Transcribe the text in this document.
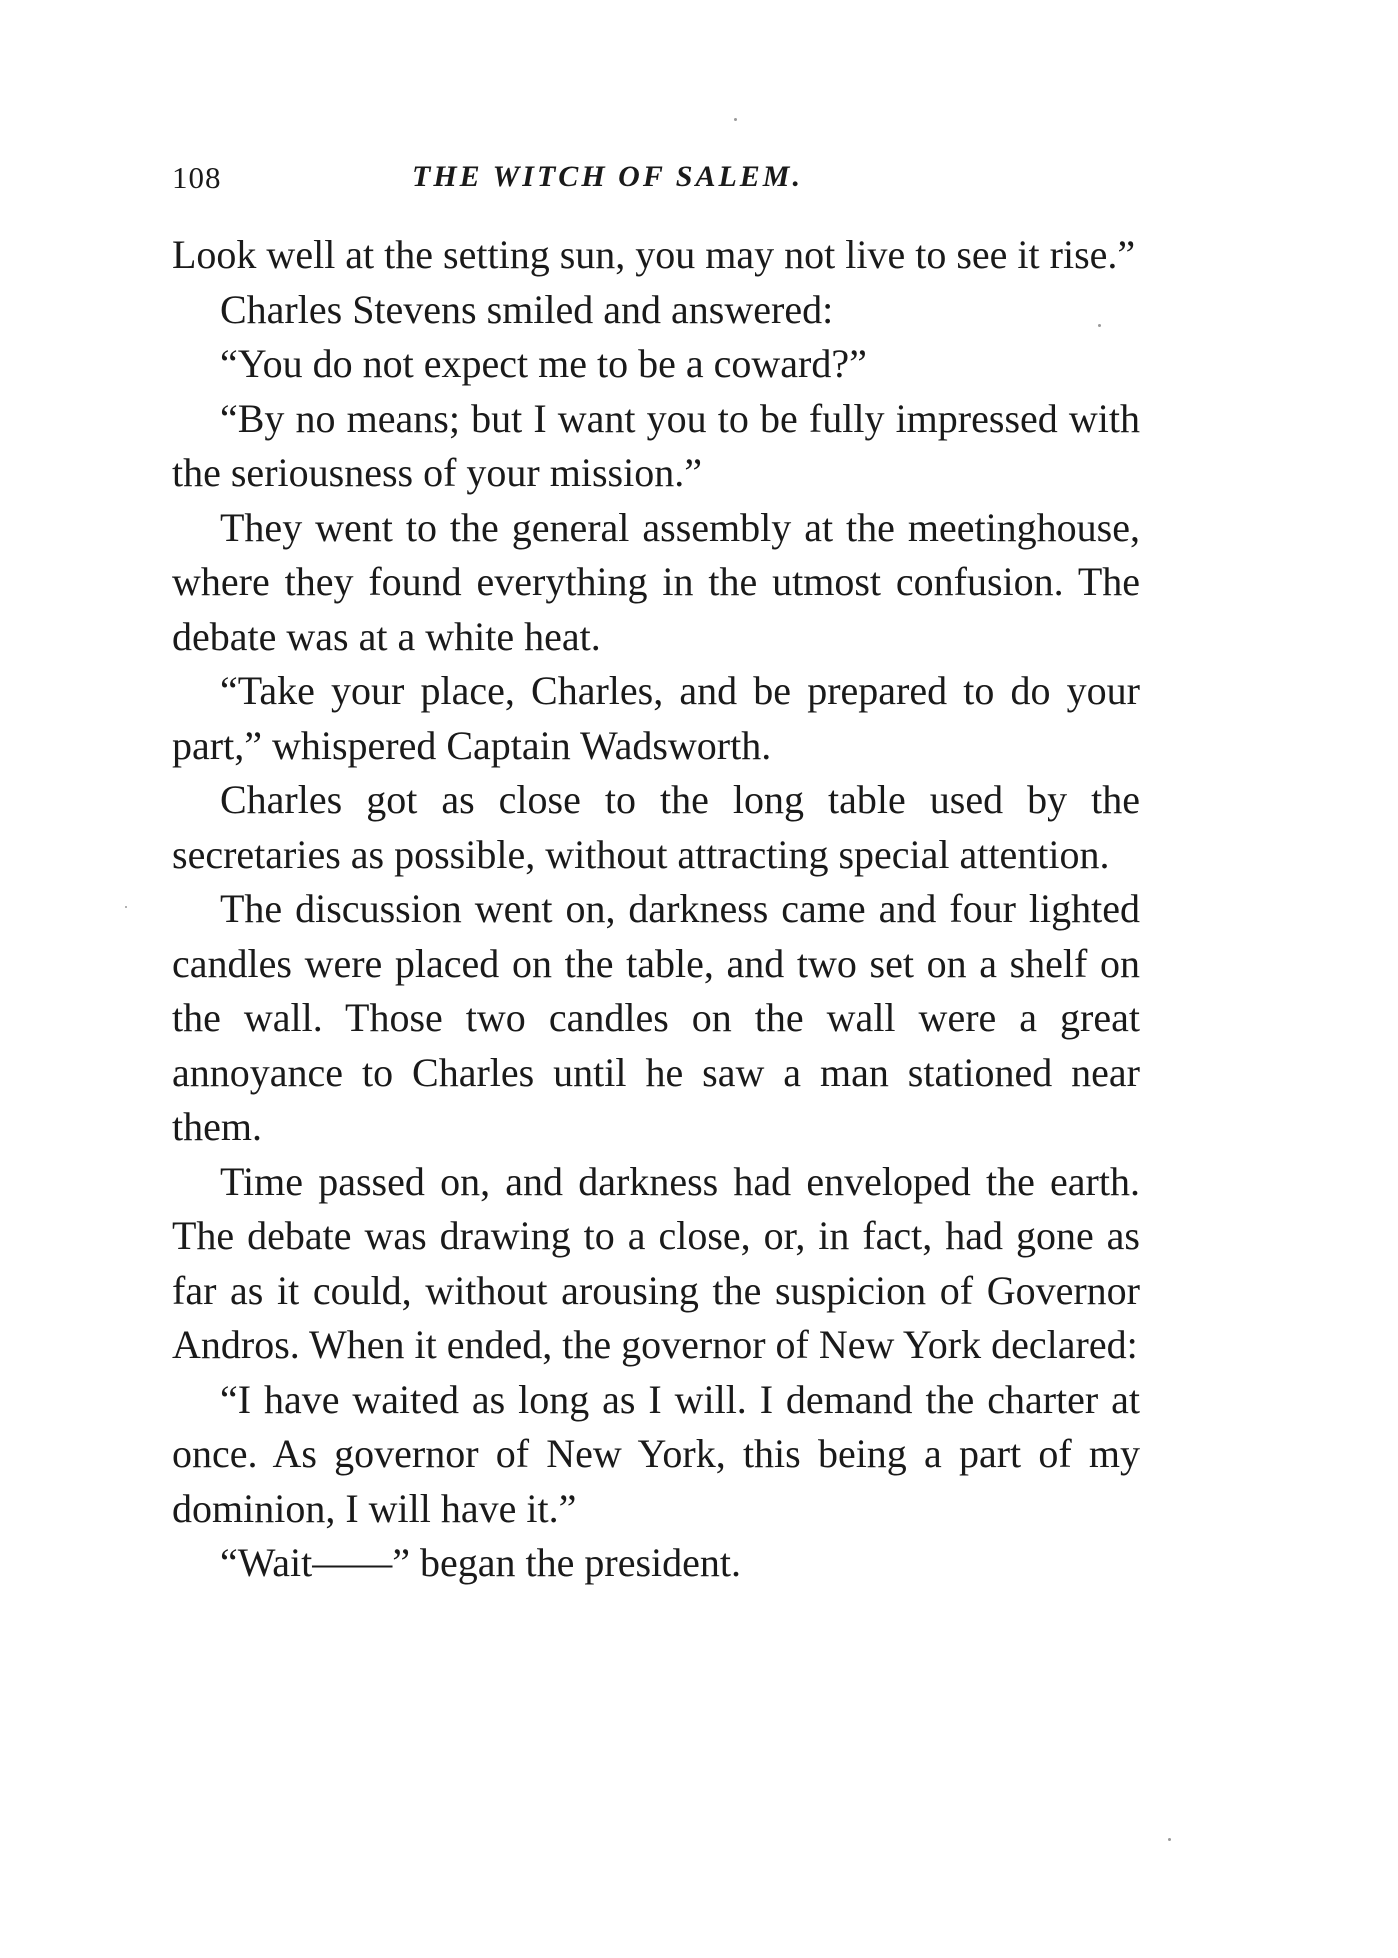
108	THE WITCH OF SALEM.

Look well at the setting sun, you may not live to see it rise.”

Charles Stevens smiled and answered:

“You do not expect me to be a coward?”

“By no means; but I want you to be fully impressed with the seriousness of your mission.”

They went to the general assembly at the meetinghouse, where they found everything in the utmost confusion. The debate was at a white heat.

“Take your place, Charles, and be prepared to do your part,” whispered Captain Wadsworth.

Charles got as close to the long table used by the secretaries as possible, without attracting special attention.

The discussion went on, darkness came and four lighted candles were placed on the table, and two set on a shelf on the wall. Those two candles on the wall were a great annoyance to Charles until he saw a man stationed near them.

Time passed on, and darkness had enveloped the earth. The debate was drawing to a close, or, in fact, had gone as far as it could, without arousing the suspicion of Governor Andros. When it ended, the governor of New York declared:

“I have waited as long as I will. I demand the charter at once. As governor of New York, this being a part of my dominion, I will have it.”

“Wait——” began the president.
